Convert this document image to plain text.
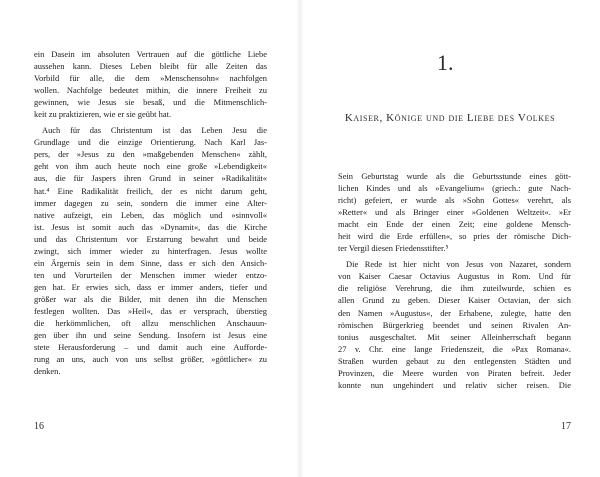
ein Dasein im absoluten Vertrauen auf die göttliche Liebe
aussehen kann. Dieses Leben bleibt für alle Zeiten das
Vorbild für alle, die dem »Menschensohn« nachfolgen
wollen. Nachfolge bedeutet mithin, die innere Freiheit zu
gewinnen, wie Jesus sie besaß, und die Mitmenschlich-
keit zu praktizieren, wie er sie geübt hat.
Auch für das Christentum ist das Leben Jesu die
Grundlage und die einzige Orientierung. Nach Karl Jas-
pers, der »Jesus zu den »maßgebenden Menschen« zählt,
geht von ihm auch heute noch eine große »Lebendigkeit«
aus, die für Jaspers ihren Grund in seiner »Radikalität«
hat.⁴ Eine Radikalität freilich, der es nicht darum geht,
immer dagegen zu sein, sondern die immer eine Alter-
native aufzeigt, ein Leben, das möglich und »sinnvoll«
ist. Jesus ist somit auch das »Dynamit«, das die Kirche
und das Christentum vor Erstarrung bewahrt und beide
zwingt, sich immer wieder zu hinterfragen. Jesus wollte
ein Ärgernis sein in dem Sinne, dass er sich den Ansich-
ten und Vorurteilen der Menschen immer wieder entzo-
gen hat. Er erwies sich, dass er immer anders, tiefer und
größer war als die Bilder, mit denen ihn die Menschen
festlegen wollten. Das »Heil«, das er versprach, überstieg
die herkömmlichen, oft allzu menschlichen Anschauun-
gen über ihn und seine Sendung. Insofern ist Jesus eine
stete Herausforderung – und damit auch eine Aufforde-
rung an uns, auch von uns selbst größer, »göttlicher« zu
denken.
16
1.
Kaiser, Könige und die Liebe des Volkes
Sein Geburtstag wurde als die Geburtsstunde eines gött-
lichen Kindes und als »Evangelium« (griech.: gute Nach-
richt) gefeiert, er wurde als »Sohn Gottes« verehrt, als
»Retter« und als Bringer einer »Goldenen Weltzeit«. »Er
macht ein Ende der einen Zeit; eine goldene Mensch-
heit wird die Erde erfüllen«, so pries der römische Dich-
ter Vergil diesen Friedensstifter.⁵
Die Rede ist hier nicht von Jesus von Nazaret, sondern
von Kaiser Caesar Octavius Augustus in Rom. Und für
die religiöse Verehrung, die ihm zuteilwurde, schien es
allen Grund zu geben. Dieser Kaiser Octavian, der sich
den Namen »Augustus«, der Erhabene, zulegte, hatte den
römischen Bürgerkrieg beendet und seinen Rivalen An-
tonius ausgeschaltet. Mit seiner Alleinherrschaft begann
27 v. Chr. eine lange Friedenszeit, die »Pax Romana«.
Straßen wurden gebaut zu den entlegensten Städten und
Provinzen, die Meere wurden von Piraten befreit. Jeder
konnte nun ungehindert und relativ sicher reisen. Die
17
